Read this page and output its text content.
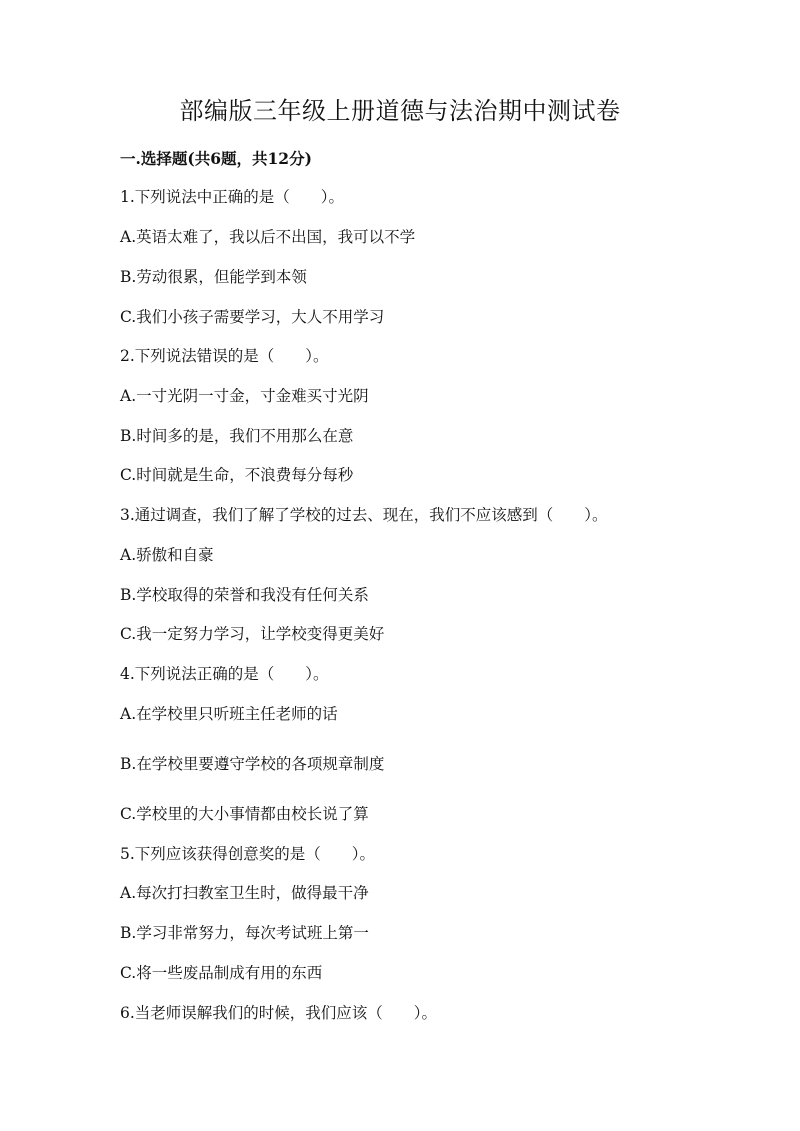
部编版三年级上册道德与法治期中测试卷
一.选择题(共6题，共12分)
1.下列说法中正确的是（　　）。
A.英语太难了，我以后不出国，我可以不学
B.劳动很累，但能学到本领
C.我们小孩子需要学习，大人不用学习
2.下列说法错误的是（　　）。
A.一寸光阴一寸金，寸金难买寸光阴
B.时间多的是，我们不用那么在意
C.时间就是生命，不浪费每分每秒
3.通过调查，我们了解了学校的过去、现在，我们不应该感到（　　）。
A.骄傲和自豪
B.学校取得的荣誉和我没有任何关系
C.我一定努力学习，让学校变得更美好
4.下列说法正确的是（　　）。
A.在学校里只听班主任老师的话
B.在学校里要遵守学校的各项规章制度
C.学校里的大小事情都由校长说了算
5.下列应该获得创意奖的是（　　）。
A.每次打扫教室卫生时，做得最干净
B.学习非常努力，每次考试班上第一
C.将一些废品制成有用的东西
6.当老师误解我们的时候，我们应该（　　）。
